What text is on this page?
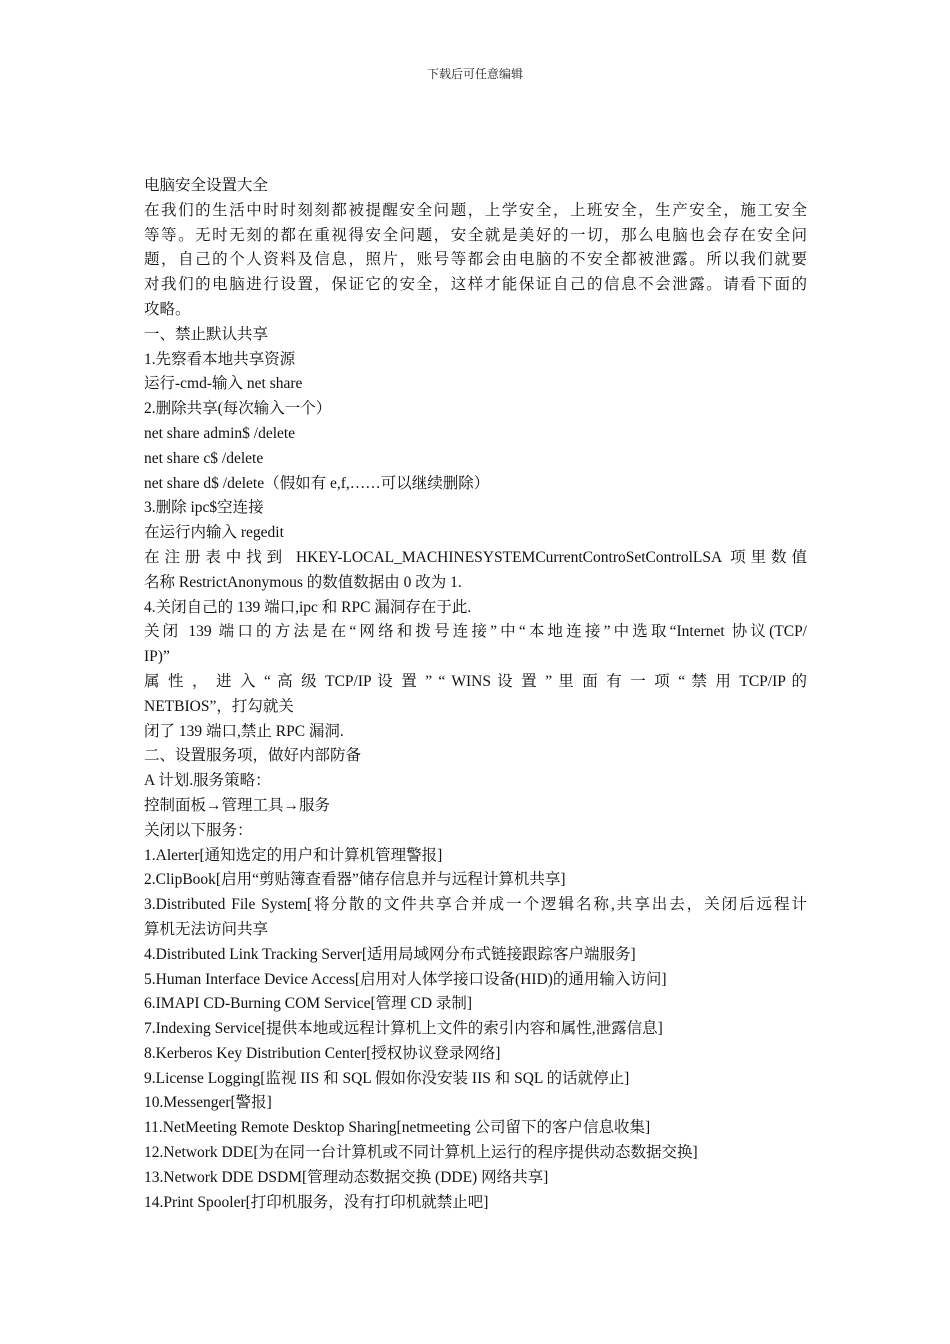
下载后可任意编辑
电脑安全设置大全
在我们的生活中时时刻刻都被提醒安全问题，上学安全，上班安全，生产安全，施工安全
等等。无时无刻的都在重视得安全问题，安全就是美好的一切，那么电脑也会存在安全问
题，自己的个人资料及信息，照片，账号等都会由电脑的不安全都被泄露。所以我们就要
对我们的电脑进行设置，保证它的安全，这样才能保证自己的信息不会泄露。请看下面的
攻略。
一、禁止默认共享
1.先察看本地共享资源
运行-cmd-输入 net share
2.删除共享(每次输入一个）
net share admin$ /delete
net share c$ /delete
net share d$ /delete（假如有 e,f,……可以继续删除）
3.删除 ipc$空连接
在运行内输入 regedit
在注册表中找到 HKEY-LOCAL_MACHINESYSTEMCurrentControSetControlLSA 项里数值
名称 RestrictAnonymous 的数值数据由 0 改为 1.
4.关闭自己的 139 端口,ipc 和 RPC 漏洞存在于此.
关闭 139 端口的方法是在“网络和拨号连接”中“本地连接”中选取“Internet 协议(TCP/
IP)”
属 性 ， 进 入 “ 高 级 TCP/IP 设 置 ” “ WINS 设 置 ” 里 面 有 一 项 “ 禁 用 TCP/IP 的
NETBIOS”，打勾就关
闭了 139 端口,禁止 RPC 漏洞.
二、设置服务项，做好内部防备
A 计划.服务策略：
控制面板→管理工具→服务
关闭以下服务：
1.Alerter[通知选定的用户和计算机管理警报]
2.ClipBook[启用“剪贴簿查看器”储存信息并与远程计算机共享]
3.Distributed File System[将分散的文件共享合并成一个逻辑名称,共享出去，关闭后远程计
算机无法访问共享
4.Distributed Link Tracking Server[适用局域网分布式链接跟踪客户端服务]
5.Human Interface Device Access[启用对人体学接口设备(HID)的通用输入访问]
6.IMAPI CD-Burning COM Service[管理 CD 录制]
7.Indexing Service[提供本地或远程计算机上文件的索引内容和属性,泄露信息]
8.Kerberos Key Distribution Center[授权协议登录网络]
9.License Logging[监视 IIS 和 SQL 假如你没安装 IIS 和 SQL 的话就停止]
10.Messenger[警报]
11.NetMeeting Remote Desktop Sharing[netmeeting 公司留下的客户信息收集]
12.Network DDE[为在同一台计算机或不同计算机上运行的程序提供动态数据交换]
13.Network DDE DSDM[管理动态数据交换 (DDE) 网络共享]
14.Print Spooler[打印机服务，没有打印机就禁止吧]
